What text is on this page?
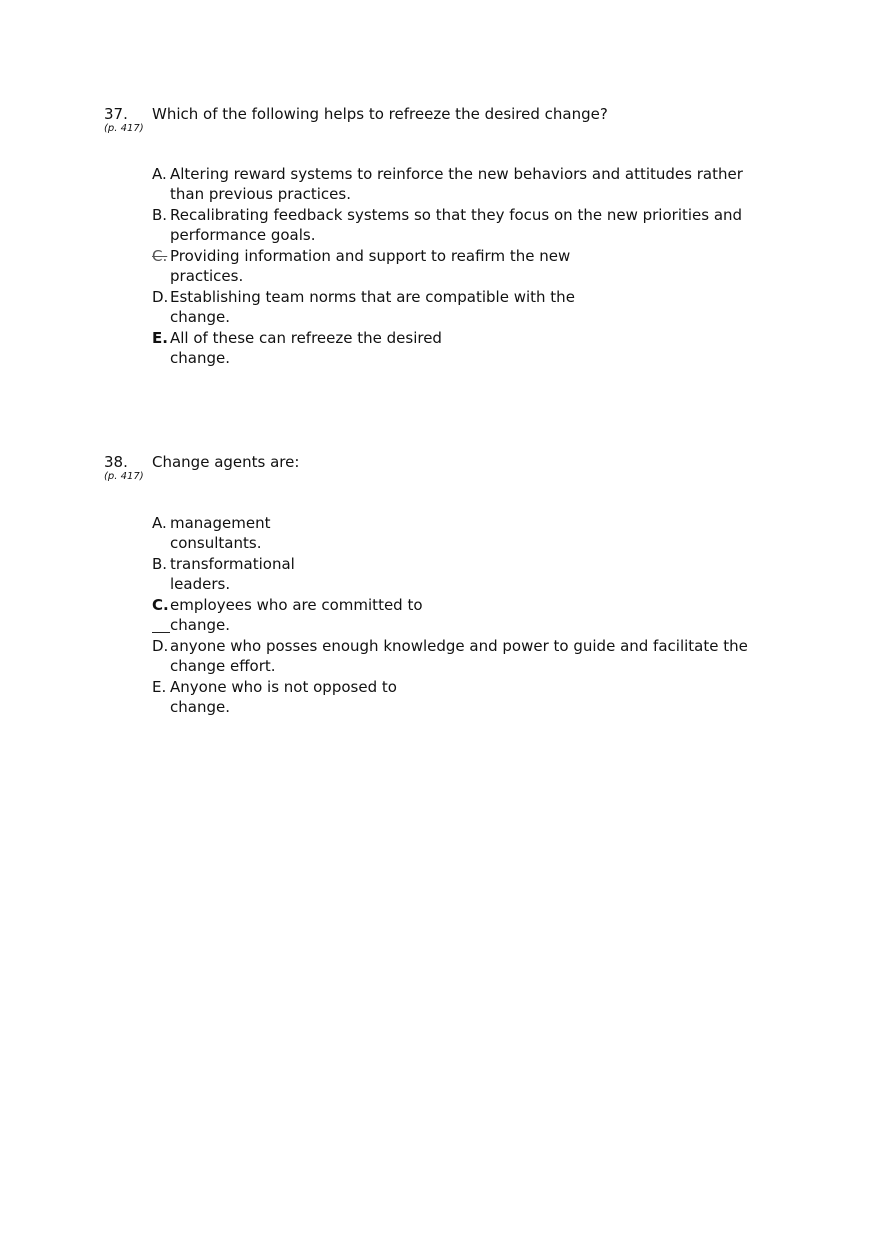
37.
(p. 417)
Which of the following helps to refreeze the desired change?
A. Altering reward systems to reinforce the new behaviors and attitudes rather
than previous practices.
B. Recalibrating feedback systems so that they focus on the new priorities and
performance goals.
C. Providing information and support to reafirm the new
practices.
D. Establishing team norms that are compatible with the
change.
E. All of these can refreeze the desired
change.
38.
(p. 417)
Change agents are:
A. management
consultants.
B. transformational
leaders.
C. employees who are committed to
change.
D. anyone who posses enough knowledge and power to guide and facilitate the
change effort.
E. Anyone who is not opposed to
change.
